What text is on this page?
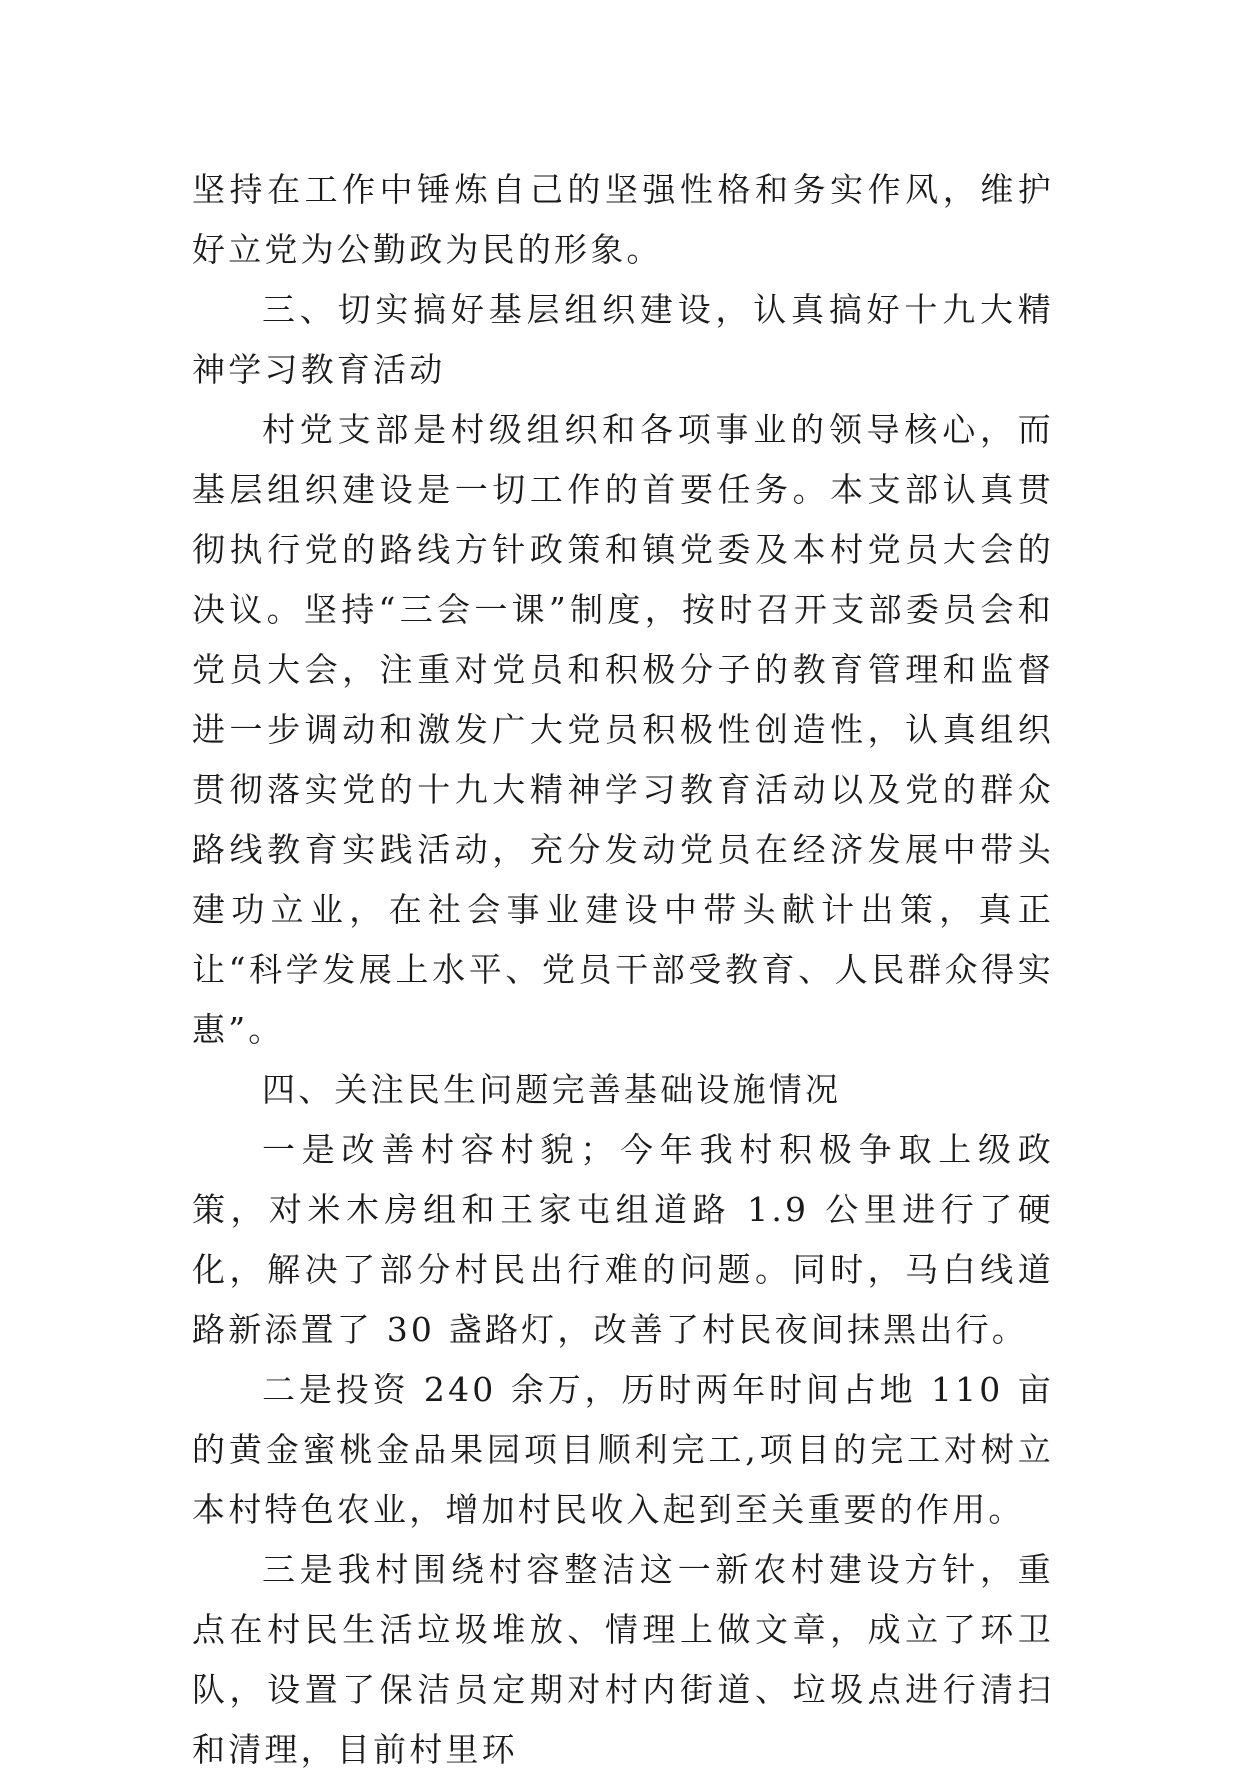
坚持在工作中锤炼自己的坚强性格和务实作风，维护好立党为公勤政为民的形象。

三、切实搞好基层组织建设，认真搞好十九大精神学习教育活动

村党支部是村级组织和各项事业的领导核心，而基层组织建设是一切工作的首要任务。本支部认真贯彻执行党的路线方针政策和镇党委及本村党员大会的决议。坚持“三会一课”制度，按时召开支部委员会和党员大会，注重对党员和积极分子的教育管理和监督进一步调动和激发广大党员积极性创造性，认真组织贯彻落实党的十九大精神学习教育活动以及党的群众路线教育实践活动，充分发动党员在经济发展中带头建功立业，在社会事业建设中带头献计出策，真正让“科学发展上水平、党员干部受教育、人民群众得实惠”。

四、关注民生问题完善基础设施情况

一是改善村容村貌；今年我村积极争取上级政策，对米木房组和王家屯组道路 1.9 公里进行了硬化，解决了部分村民出行难的问题。同时，马白线道路新添置了 30 盏路灯，改善了村民夜间抹黑出行。

二是投资 240 余万，历时两年时间占地 110 亩的黄金蜜桃金品果园项目顺利完工,项目的完工对树立本村特色农业，增加村民收入起到至关重要的作用。

三是我村围绕村容整洁这一新农村建设方针，重点在村民生活垃圾堆放、情理上做文章，成立了环卫队，设置了保洁员定期对村内街道、垃圾点进行清扫和清理，目前村里环
